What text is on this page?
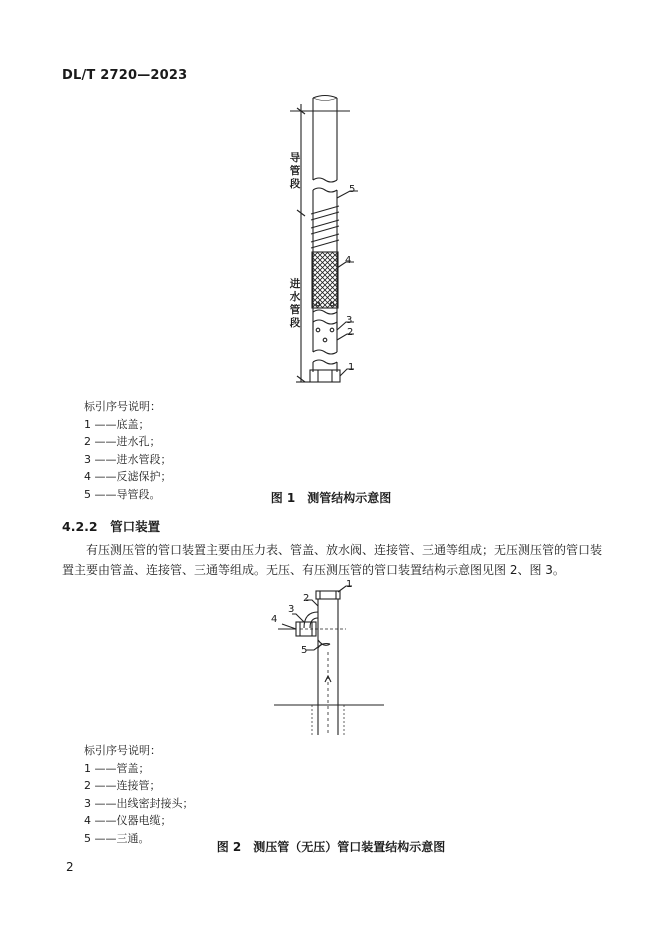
DL/T 2720—2023
导管段
进水管段
5
4
3
2
1
标引序号说明：
1 ——底盖；
2 ——进水孔；
3 ——进水管段；
4 ——反滤保护；
5 ——导管段。	图 1　测管结构示意图
4.2.2　管口装置
有压测压管的管口装置主要由压力表、管盖、放水阀、连接管、三通等组成；无压测压管的管口装置主要由管盖、连接管、三通等组成。无压、有压测压管的管口装置结构示意图见图 2、图 3。
1
2
3
4
5
标引序号说明：
1 ——管盖；
2 ——连接管；
3 ——出线密封接头；
4 ——仪器电缆；
5 ——三通。
图 2　测压管（无压）管口装置结构示意图
2
